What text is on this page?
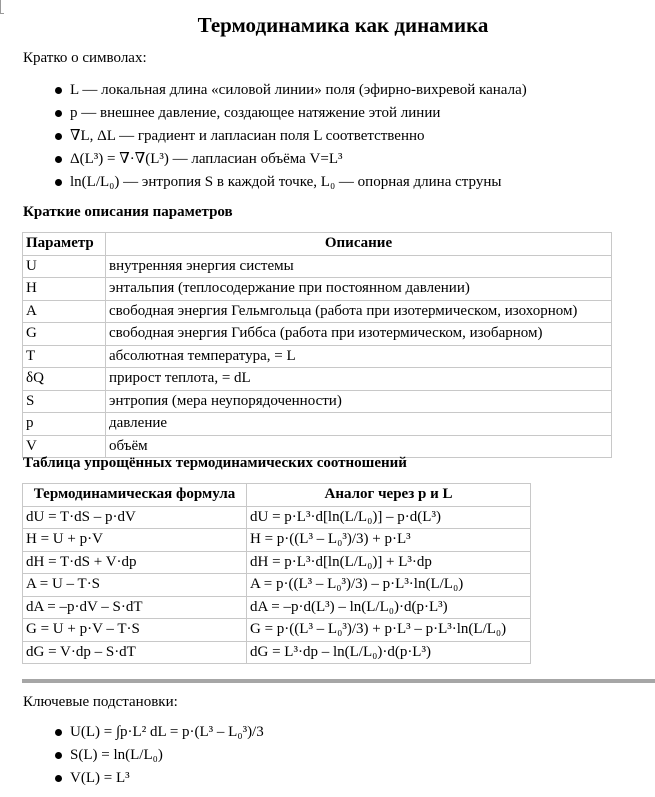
Термодинамика как динамика

Кратко о символах:

L — локальная длина «силовой линии» поля (эфирно-вихревой канала)
p — внешнее давление, создающее натяжение этой линии
∇L, ΔL — градиент и лапласиан поля L соответственно
Δ(L³) = ∇·∇(L³) — лапласиан объёма V=L³
ln(L/L₀) — энтропия S в каждой точке, L₀ — опорная длина струны
Краткие описания параметров
Параметр	Описание
U	внутренняя энергия системы
H	энтальпия (теплосодержание при постоянном давлении)
A	свободная энергия Гельмгольца (работа при изотермическом, изохорном)
G	свободная энергия Гиббса (работа при изотермическом, изобарном)
T	абсолютная температура, = L
δQ	прирост теплота, = dL
S	энтропия (мера неупорядоченности)
p	давление
V	объём
Таблица упрощённых термодинамических соотношений
Термодинамическая формула	Аналог через p и L
dU = T·dS – p·dV	dU = p·L³·d[ln(L/L₀)] – p·d(L³)
H = U + p·V	H = p·((L³ – L₀³)/3) + p·L³
dH = T·dS + V·dp	dH = p·L³·d[ln(L/L₀)] + L³·dp
A = U – T·S	A = p·((L³ – L₀³)/3) – p·L³·ln(L/L₀)
dA = –p·dV – S·dT	dA = –p·d(L³) – ln(L/L₀)·d(p·L³)
G = U + p·V – T·S	G = p·((L³ – L₀³)/3) + p·L³ – p·L³·ln(L/L₀)
dG = V·dp – S·dT	dG = L³·dp – ln(L/L₀)·d(p·L³)

Ключевые подстановки:

U(L) = ∫p·L² dL = p·(L³ – L₀³)/3
S(L) = ln(L/L₀)
V(L) = L³
